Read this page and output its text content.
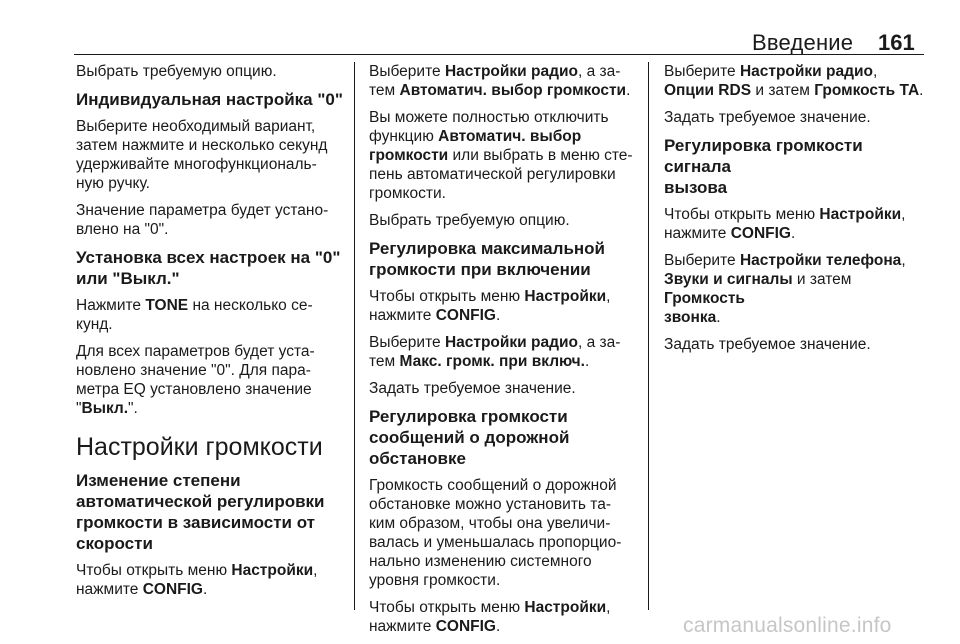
Введение 161

Выбрать требуемую опцию.

Индивидуальная настройка "0"

Выберите необходимый вариант,
затем нажмите и несколько секунд
удерживайте многофункциональ-
ную ручку.

Значение параметра будет устано-
влено на "0".

Установка всех настроек на "0"
или "Выкл."

Нажмите TONE на несколько се-
кунд.

Для всех параметров будет уста-
новлено значение "0". Для пара-
метра EQ установлено значение
"Выкл.".

Настройки громкости
Изменение степени
автоматической регулировки
громкости в зависимости от
скорости

Чтобы открыть меню Настройки,
нажмите CONFIG.

Выберите Настройки радио, а за-
тем Автоматич. выбор громкости.

Вы можете полностью отключить
функцию Автоматич. выбор
громкости или выбрать в меню сте-
пень автоматической регулировки
громкости.

Выбрать требуемую опцию.

Регулировка максимальной
громкости при включении

Чтобы открыть меню Настройки,
нажмите CONFIG.

Выберите Настройки радио, а за-
тем Макс. громк. при включ..

Задать требуемое значение.

Регулировка громкости
сообщений о дорожной
обстановке

Громкость сообщений о дорожной
обстановке можно установить та-
ким образом, чтобы она увеличи-
валась и уменьшалась пропорцио-
нально изменению системного
уровня громкости.

Чтобы открыть меню Настройки,
нажмите CONFIG.

Выберите Настройки радио,
Опции RDS и затем Громкость ТА.

Задать требуемое значение.

Регулировка громкости сигнала
вызова

Чтобы открыть меню Настройки,
нажмите CONFIG.

Выберите Настройки телефона,
Звуки и сигналы и затем Громкость
звонка.

Задать требуемое значение.

carmanualsonline.info
